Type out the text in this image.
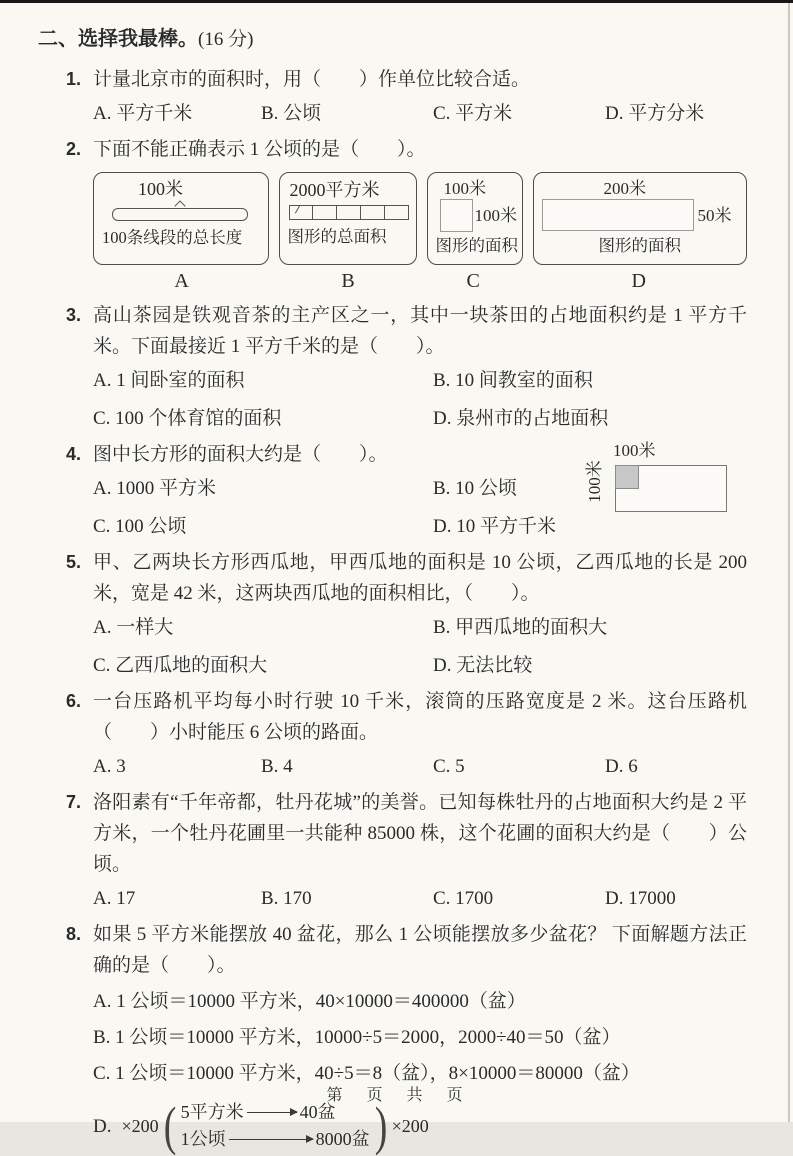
二、选择我最棒。(16 分)
1. 计量北京市的面积时，用（　　）作单位比较合适。
A. 平方千米	B. 公顷	C. 平方米	D. 平方分米
2. 下面不能正确表示 1 公顷的是（　　）。
100米
100条线段的总长度
2000平方米
图形的总面积
100米
100米
图形的面积
200米
50米
图形的面积
A	B	C	D
3. 高山茶园是铁观音茶的主产区之一，其中一块茶田的占地面积约是 1 平方千米。下面最接近 1 平方千米的是（　　）。
A. 1 间卧室的面积	B. 10 间教室的面积
C. 100 个体育馆的面积	D. 泉州市的占地面积
4. 图中长方形的面积大约是（　　）。
A. 1000 平方米	B. 10 公顷
C. 100 公顷	D. 10 平方千米
100米
100米
5. 甲、乙两块长方形西瓜地，甲西瓜地的面积是 10 公顷，乙西瓜地的长是 200 米，宽是 42 米，这两块西瓜地的面积相比，（　　）。
A. 一样大	B. 甲西瓜地的面积大
C. 乙西瓜地的面积大	D. 无法比较
6. 一台压路机平均每小时行驶 10 千米，滚筒的压路宽度是 2 米。这台压路机（　　）小时能压 6 公顷的路面。
A. 3	B. 4	C. 5	D. 6
7. 洛阳素有“千年帝都，牡丹花城”的美誉。已知每株牡丹的占地面积大约是 2 平方米，一个牡丹花圃里一共能种 85000 株，这个花圃的面积大约是（　　）公顷。
A. 17	B. 170	C. 1700	D. 17000
8. 如果 5 平方米能摆放 40 盆花，那么 1 公顷能摆放多少盆花？ 下面解题方法正确的是（　　）。
A. 1 公顷＝10000 平方米，40×10000＝400000（盆）
B. 1 公顷＝10000 平方米，10000÷5＝2000，2000÷40＝50（盆）
C. 1 公顷＝10000 平方米，40÷5＝8（盆），8×10000＝80000（盆）
D. ×200 ( 5平方米	40盆
1公顷	8000盆 ) ×200
第　页　共　页
